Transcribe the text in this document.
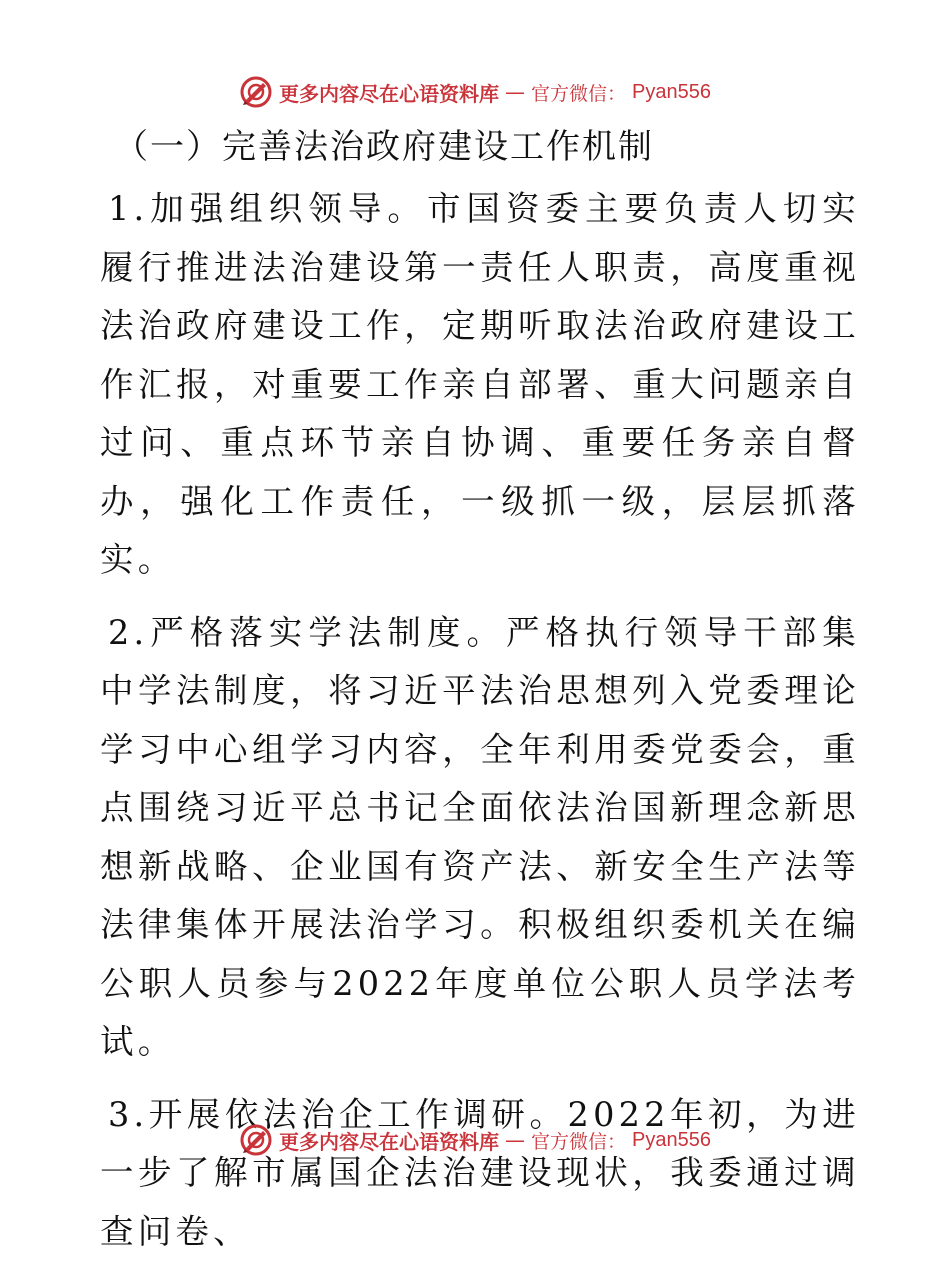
更多内容尽在心语资料库 — 官方微信： Pyan556
（一）完善法治政府建设工作机制

1.加强组织领导。市国资委主要负责人切实履行推进法治建设第一责任人职责，高度重视法治政府建设工作，定期听取法治政府建设工作汇报，对重要工作亲自部署、重大问题亲自过问、重点环节亲自协调、重要任务亲自督办，强化工作责任，一级抓一级，层层抓落实。

2.严格落实学法制度。严格执行领导干部集中学法制度，将习近平法治思想列入党委理论学习中心组学习内容，全年利用委党委会，重点围绕习近平总书记全面依法治国新理念新思想新战略、企业国有资产法、新安全生产法等法律集体开展法治学习。积极组织委机关在编公职人员参与2022年度单位公职人员学法考试。

3.开展依法治企工作调研。2022年初，为进一步了解市属国企法治建设现状，我委通过调查问卷、

更多内容尽在心语资料库 — 官方微信： Pyan556
